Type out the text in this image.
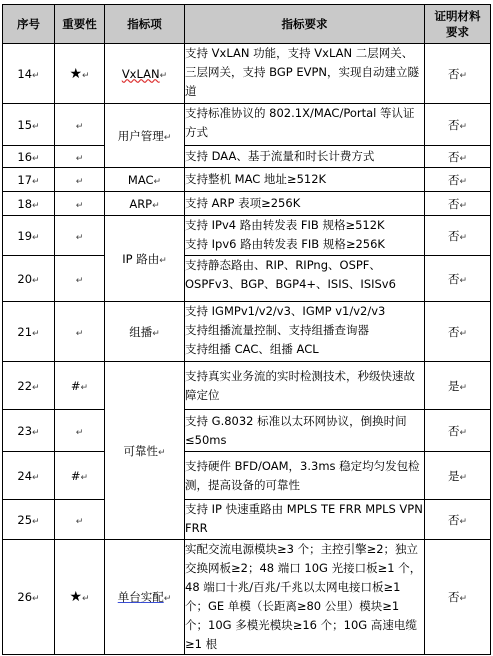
序号	重要性	指标项	指标要求	证明材料
要求
14↵	★↵	VxLAN↵	支持 VxLAN 功能，支持 VxLAN 二层网关、三层网关，支持 BGP EVPN，实现自动建立隧道	否↵
15↵	↵	用户管理↵	支持标准协议的 802.1X/MAC/Portal 等认证方式	否↵
16↵	↵		支持 DAA、基于流量和时长计费方式	否↵
17↵	↵	MAC↵	支持整机 MAC 地址≥512K	否↵
18↵	↵	ARP↵	支持 ARP 表项≥256K	否↵
19↵	↵	IP 路由↵	支持 IPv4 路由转发表 FIB 规格≥512K
支持 Ipv6 路由转发表 FIB 规格≥256K	否↵
20↵	↵		支持静态路由、RIP、RIPng、OSPF、OSPFv3、BGP、BGP4+、ISIS、ISISv6	否↵
21↵	↵	组播↵	支持 IGMPv1/v2/v3、IGMP v1/v2/v3
支持组播流量控制、支持组播查询器
支持组播 CAC、组播 ACL	否↵
22↵	#↵	可靠性↵	支持真实业务流的实时检测技术，秒级快速故障定位	是↵
23↵	↵		支持 G.8032 标准以太环网协议，倒换时间≤50ms	否↵
24↵	#↵		支持硬件 BFD/OAM，3.3ms 稳定均匀发包检测，提高设备的可靠性	是↵
25↵	↵		支持 IP 快速重路由 MPLS TE FRR MPLS VPN FRR	否↵
26↵	★↵	单台实配↵	实配交流电源模块≥3 个；主控引擎≥2；独立交换网板≥2；48 端口 10G 光接口板≥1 个，48 端口十兆/百兆/千兆以太网电接口板≥1 个；GE 单模（长距离≥80 公里）模块≥1 个；10G 多模光模块≥16 个；10G 高速电缆≥1 根	否↵
